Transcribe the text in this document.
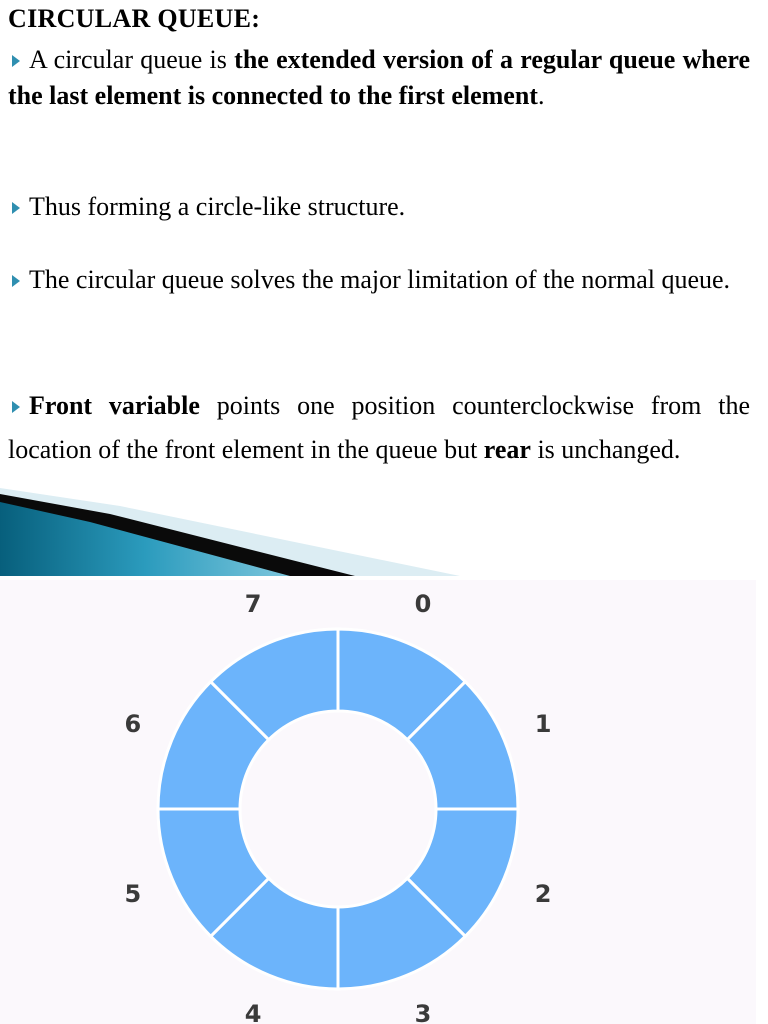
CIRCULAR QUEUE:
A circular queue is the extended version of a regular queue where the last element is connected to the first element.
Thus forming a circle-like structure.
The circular queue solves the major limitation of the normal queue.
Front variable points one position counterclockwise from the location of the front element in the queue but rear is unchanged.
0
1
2
3
4
5
6
7
